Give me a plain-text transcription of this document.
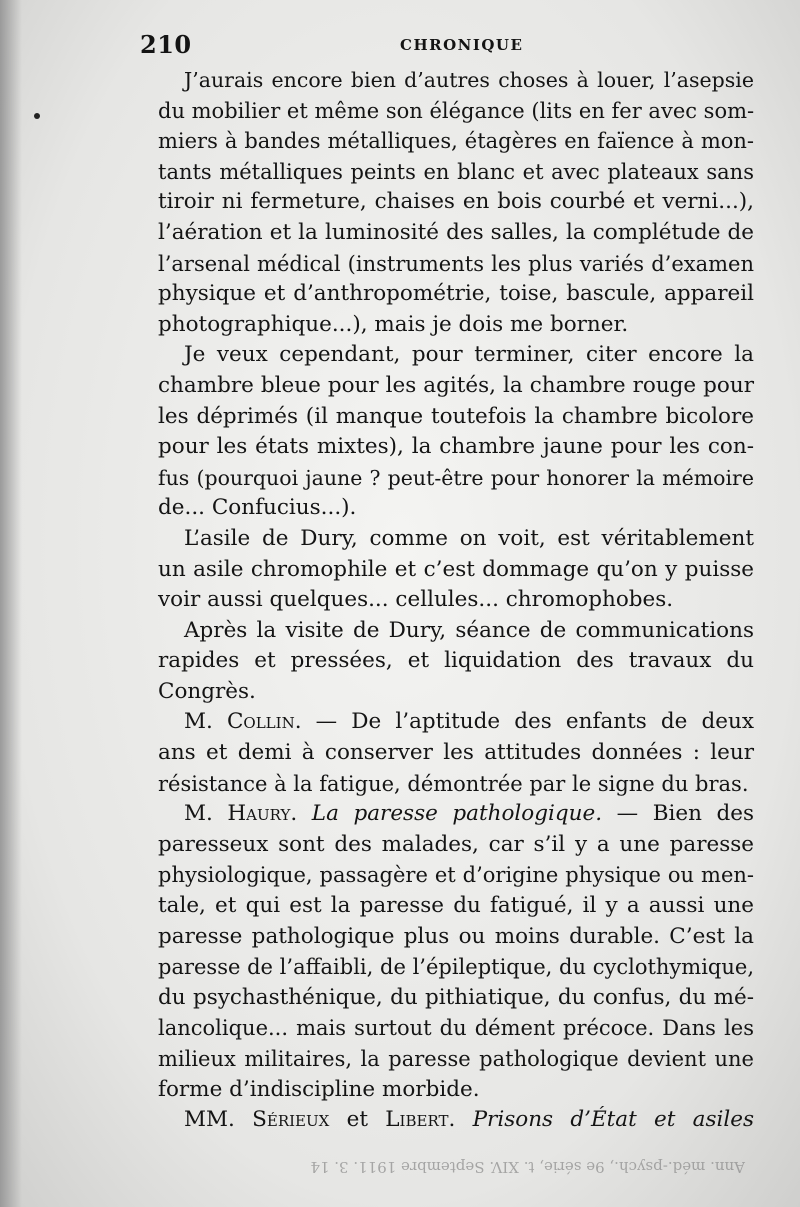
210	CHRONIQUE
J’aurais encore bien d’autres choses à louer, l’asepsie
du mobilier et même son élégance (lits en fer avec som-
miers à bandes métalliques, étagères en faïence à mon-
tants métalliques peints en blanc et avec plateaux sans
tiroir ni fermeture, chaises en bois courbé et verni...),
l’aération et la luminosité des salles, la complétude de
l’arsenal médical (instruments les plus variés d’examen
physique et d’anthropométrie, toise, bascule, appareil
photographique...), mais je dois me borner.
Je veux cependant, pour terminer, citer encore la
chambre bleue pour les agités, la chambre rouge pour
les déprimés (il manque toutefois la chambre bicolore
pour les états mixtes), la chambre jaune pour les con-
fus (pourquoi jaune ? peut-être pour honorer la mémoire
de... Confucius...).
L’asile de Dury, comme on voit, est véritablement
un asile chromophile et c’est dommage qu’on y puisse
voir aussi quelques... cellules... chromophobes.
Après la visite de Dury, séance de communications
rapides et pressées, et liquidation des travaux du
Congrès.
M. Collin. — De l’aptitude des enfants de deux
ans et demi à conserver les attitudes données : leur
résistance à la fatigue, démontrée par le signe du bras.
M. Haury. La paresse pathologique. — Bien des
paresseux sont des malades, car s’il y a une paresse
physiologique, passagère et d’origine physique ou men-
tale, et qui est la paresse du fatigué, il y a aussi une
paresse pathologique plus ou moins durable. C’est la
paresse de l’affaibli, de l’épileptique, du cyclothymique,
du psychasthénique, du pithiatique, du confus, du mé-
lancolique... mais surtout du dément précoce. Dans les
milieux militaires, la paresse pathologique devient une
forme d’indiscipline morbide.
MM. Sérieux et Libert. Prisons d’État et asiles
Ann. méd.-psych., 9e série, t. XIV. Septembre 1911. 3. 14
